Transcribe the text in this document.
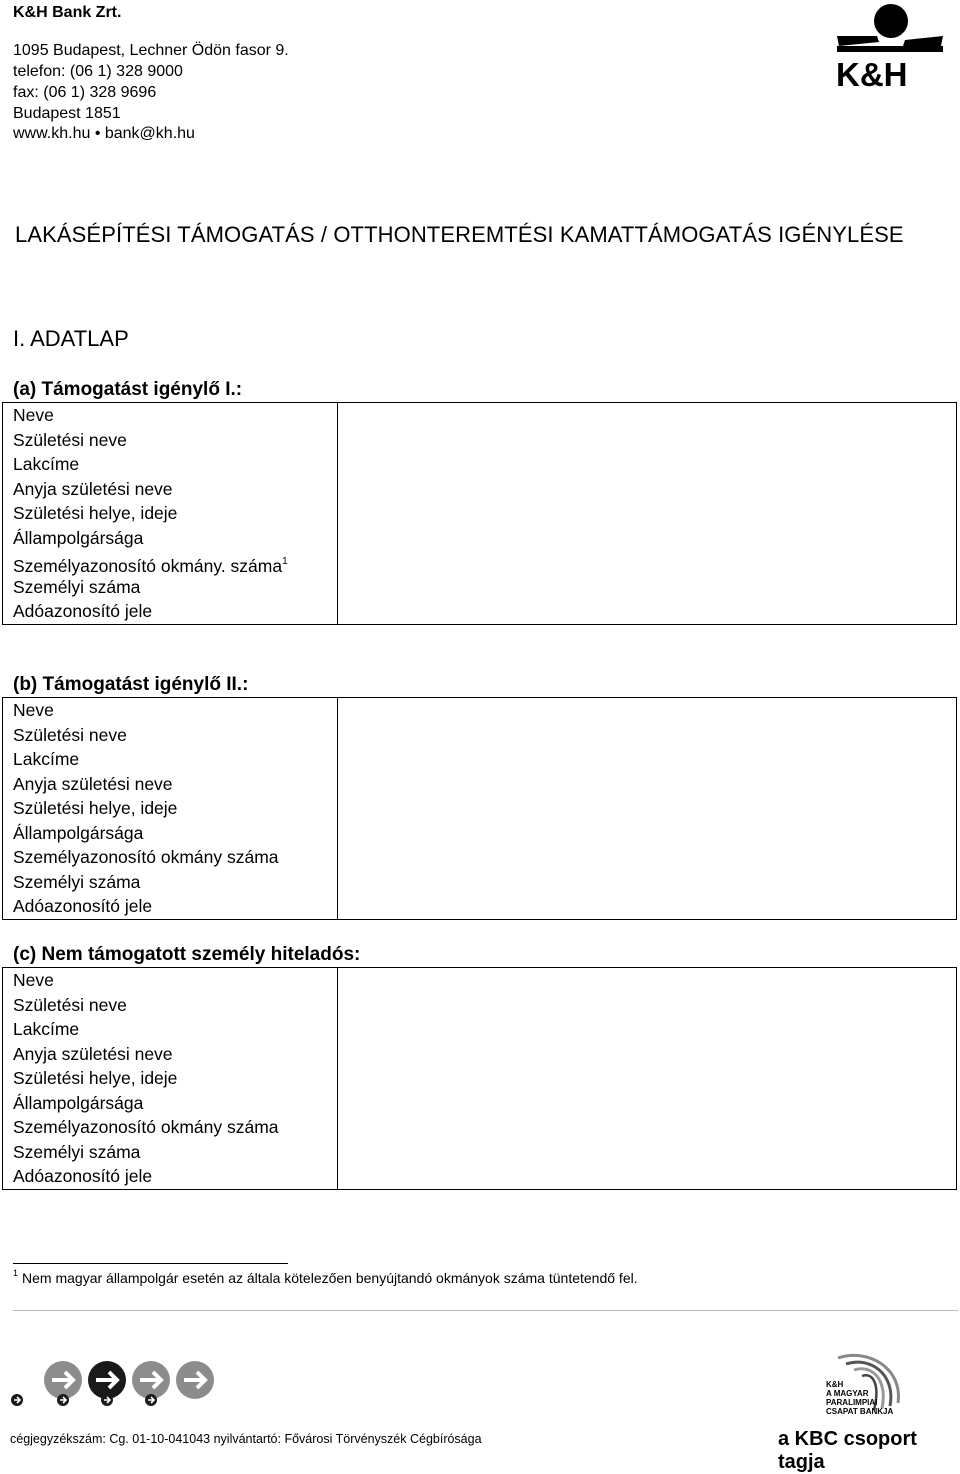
K&H Bank Zrt.
1095 Budapest, Lechner Ödön fasor 9.
telefon: (06 1) 328 9000
fax: (06 1) 328 9696
Budapest 1851
www.kh.hu • bank@kh.hu
K&H
LAKÁSÉPÍTÉSI TÁMOGATÁS / OTTHONTEREMTÉSI KAMATTÁMOGATÁS IGÉNYLÉSE
I. ADATLAP
(a) Támogatást igénylő I.:
Neve
Születési neve
Lakcíme
Anyja születési neve
Születési helye, ideje
Állampolgársága
Személyazonosító okmány. száma$^1$
Személyi száma
Adóazonosító jele

(b) Támogatást igénylő II.:
Neve
Születési neve
Lakcíme
Anyja születési neve
Születési helye, ideje
Állampolgársága
Személyazonosító okmány száma
Személyi száma
Adóazonosító jele

(c) Nem támogatott személy hiteladós:
Neve
Születési neve
Lakcíme
Anyja születési neve
Születési helye, ideje
Állampolgársága
Személyazonosító okmány száma
Személyi száma
Adóazonosító jele

$^1$ Nem magyar állampolgár esetén az általa kötelezően benyújtandó okmányok száma tüntetendő fel.
K&H
A MAGYAR
PARALIMPIAI
CSAPAT BANKJA
cégjegyzékszám: Cg. 01-10-041043 nyilvántartó: Fővárosi Törvényszék Cégbírósága	a KBC csoport tagja
